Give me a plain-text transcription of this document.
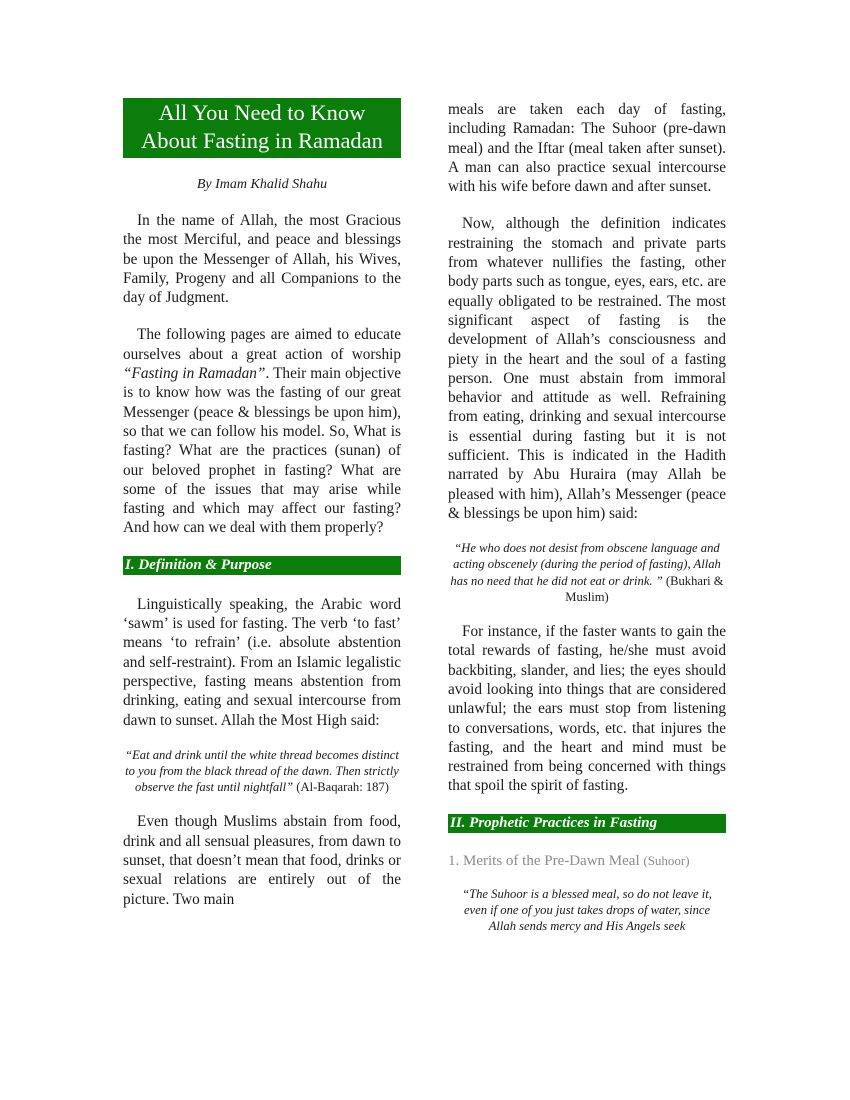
All You Need to Know
About Fasting in Ramadan
By Imam Khalid Shahu

In the name of Allah, the most Gracious the most Merciful, and peace and blessings be upon the Messenger of Allah, his Wives, Family, Progeny and all Companions to the day of Judgment.

The following pages are aimed to educate ourselves about a great action of worship “Fasting in Ramadan”. Their main objective is to know how was the fasting of our great Messenger (peace & blessings be upon him), so that we can follow his model. So, What is fasting? What are the practices (sunan) of our beloved prophet in fasting? What are some of the issues that may arise while fasting and which may affect our fasting? And how can we deal with them properly?

I. Definition & Purpose

Linguistically speaking, the Arabic word ‘sawm’ is used for fasting. The verb ‘to fast’ means ‘to refrain’ (i.e. absolute abstention and self-restraint). From an Islamic legalistic perspective, fasting means abstention from drinking, eating and sexual intercourse from dawn to sunset. Allah the Most High said:

“Eat and drink until the white thread becomes distinct to you from the black thread of the dawn. Then strictly observe the fast until nightfall” (Al-Baqarah: 187)

Even though Muslims abstain from food, drink and all sensual pleasures, from dawn to sunset, that doesn’t mean that food, drinks or sexual relations are entirely out of the picture. Two main

meals are taken each day of fasting, including Ramadan: The Suhoor (pre-dawn meal) and the Iftar (meal taken after sunset). A man can also practice sexual intercourse with his wife before dawn and after sunset.

Now, although the definition indicates restraining the stomach and private parts from whatever nullifies the fasting, other body parts such as tongue, eyes, ears, etc. are equally obligated to be restrained. The most significant aspect of fasting is the development of Allah’s consciousness and piety in the heart and the soul of a fasting person. One must abstain from immoral behavior and attitude as well. Refraining from eating, drinking and sexual intercourse is essential during fasting but it is not sufficient. This is indicated in the Hadith narrated by Abu Huraira (may Allah be pleased with him), Allah’s Messenger (peace & blessings be upon him) said:

“He who does not desist from obscene language and acting obscenely (during the period of fasting), Allah has no need that he did not eat or drink. ” (Bukhari & Muslim)

For instance, if the faster wants to gain the total rewards of fasting, he/she must avoid backbiting, slander, and lies; the eyes should avoid looking into things that are considered unlawful; the ears must stop from listening to conversations, words, etc. that injures the fasting, and the heart and mind must be restrained from being concerned with things that spoil the spirit of fasting.

II. Prophetic Practices in Fasting
1. Merits of the Pre-Dawn Meal (Suhoor)
“The Suhoor is a blessed meal, so do not leave it, even if one of you just takes drops of water, since Allah sends mercy and His Angels seek
